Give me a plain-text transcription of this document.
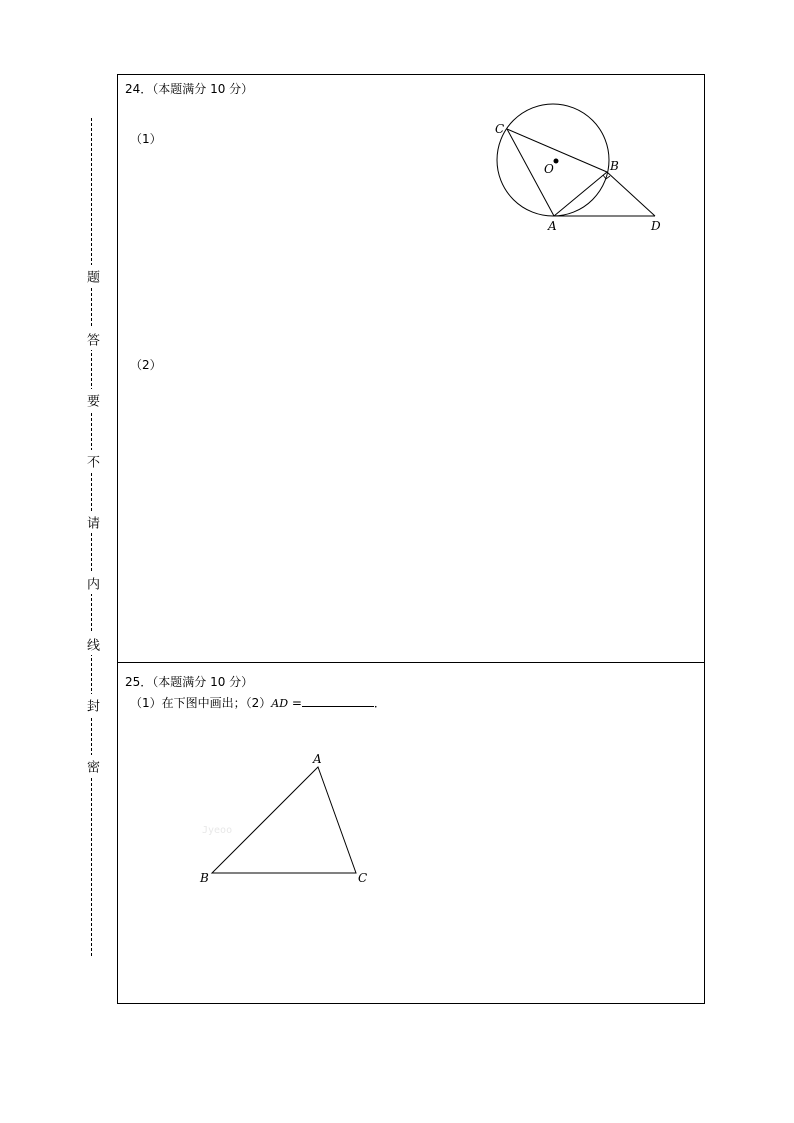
题
答
要
不
请
内
线
封
密
24．（本题满分 10 分）
（1）
（2）
C
O	B
A	D
25．（本题满分 10 分）
（1）在下图中画出；（2）AD =	．
Jyeoo
A
B	C
